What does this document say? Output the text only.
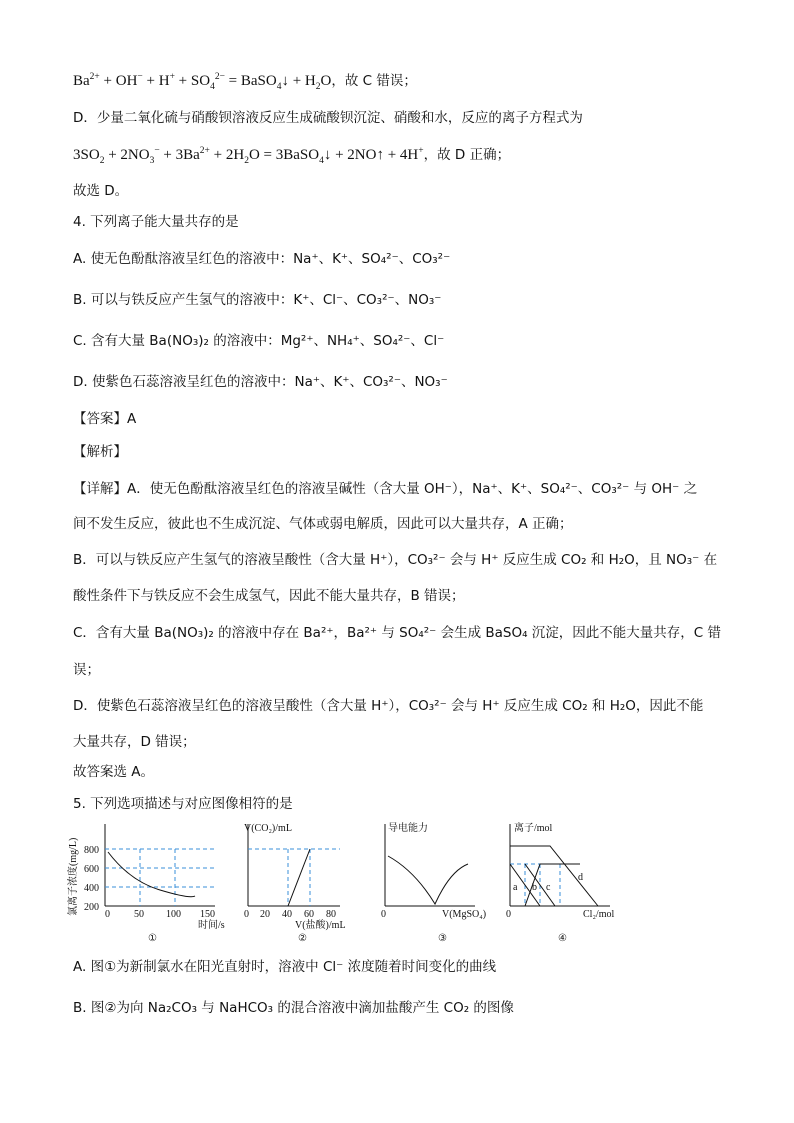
$Ba^{2+} + OH^- + H^+ + SO_4^{2-}$ = BaSO$_4$↓ + $H_2O$，故 C 错误；
D．少量二氧化硫与硝酸钡溶液反应生成硫酸钡沉淀、硝酸和水，反应的离子方程式为
$3SO_2 + 2NO_3^- + 3Ba^{2+} + 2H_2O$ = 3BaSO$_4$↓ + 2NO↑ + 4H+，故 D 正确；
故选 D。
4. 下列离子能大量共存的是
A. 使无色酚酞溶液呈红色的溶液中：Na⁺、K⁺、SO₄²⁻、CO₃²⁻
B. 可以与铁反应产生氢气的溶液中：K⁺、Cl⁻、CO₃²⁻、NO₃⁻
C. 含有大量 Ba(NO₃)₂ 的溶液中：Mg²⁺、NH₄⁺、SO₄²⁻、Cl⁻
D. 使紫色石蕊溶液呈红色的溶液中：Na⁺、K⁺、CO₃²⁻、NO₃⁻
【答案】A
【解析】
【详解】A．使无色酚酞溶液呈红色的溶液呈碱性（含大量 OH⁻），Na⁺、K⁺、SO₄²⁻、CO₃²⁻ 与 OH⁻ 之
间不发生反应，彼此也不生成沉淀、气体或弱电解质，因此可以大量共存，A 正确；
B．可以与铁反应产生氢气的溶液呈酸性（含大量 H⁺），CO₃²⁻ 会与 H⁺ 反应生成 CO₂ 和 H₂O，且 NO₃⁻ 在
酸性条件下与铁反应不会生成氢气，因此不能大量共存，B 错误；
C．含有大量 Ba(NO₃)₂ 的溶液中存在 Ba²⁺，Ba²⁺ 与 SO₄²⁻ 会生成 BaSO₄ 沉淀，因此不能大量共存，C 错
误；
D．使紫色石蕊溶液呈红色的溶液呈酸性（含大量 H⁺），CO₃²⁻ 会与 H⁺ 反应生成 CO₂ 和 H₂O，因此不能
大量共存，D 错误；
故答案选 A。
5. 下列选项描述与对应图像相符的是
氯离子浓度(mg/L) 800
600
400
200
0 50 100 150
时间/s
①
V(CO₂)/mL
0 20 40 60 80
V(盐酸)/mL
②
导电能力
0	V(MgSO₄)
③
离子/mol
0	Cl₂/mol
a b c
d
④
A. 图①为新制氯水在阳光直射时，溶液中 Cl⁻ 浓度随着时间变化的曲线
B. 图②为向 Na₂CO₃ 与 NaHCO₃ 的混合溶液中滴加盐酸产生 CO₂ 的图像
